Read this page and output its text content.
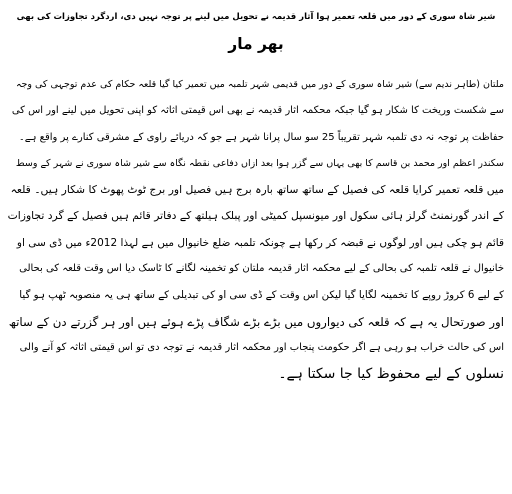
شیر شاہ سوری کے دور میں قلعہ تعمیر ہوا آثار قدیمہ نے تحویل میں لینے پر توجہ نہیں دی، اردگرد تجاوزات کی بھی
بھر مار
ملتان (طاہر ندیم سے) شیر شاہ سوری کے دور میں قدیمی شہر تلمبہ میں تعمیر کیا گیا قلعہ حکام کی عدم توجہی کی وجہ
سے شکست وریخت کا شکار ہو گیا جبکہ محکمہ اثار قدیمہ نے بھی اس قیمتی اثاثہ کو اپنی تحویل میں لینے اور اس کی
حفاظت پر توجہ نہ دی تلمبہ شہر تقریباً 25 سو سال پرانا شہر ہے جو کہ دریائے راوی کے مشرقی کنارے پر واقع ہے۔
سکندر اعظم اور محمد بن قاسم کا بھی یہاں سے گزر ہوا بعد ازاں دفاعی نقطہ نگاہ سے شیر شاہ سوری نے شہر کے وسط
میں قلعہ تعمیر کرایا قلعہ کی فصیل کے ساتھ ساتھ بارہ برج ہیں فصیل اور برج ٹوٹ پھوٹ کا شکار ہیں۔ قلعہ
کے اندر گورنمنٹ گرلز ہائی سکول اور میونسپل کمیٹی اور پبلک ہیلتھ کے دفاتر قائم ہیں فصیل کے گرد تجاوزات
قائم ہو چکی ہیں اور لوگوں نے قبضہ کر رکھا ہے چونکہ تلمبہ ضلع خانیوال میں ہے لہذا 2012ء میں ڈی سی او
خانیوال نے قلعہ تلمبہ کی بحالی کے لیے محکمہ اثار قدیمہ ملتان کو تخمینہ لگانے کا ٹاسک دیا اس وقت قلعہ کی بحالی
کے لیے 6 کروڑ روپے کا تخمینہ لگایا گیا لیکن اس وقت کے ڈی سی او کی تبدیلی کے ساتھ ہی یہ منصوبہ ٹھپ ہو گیا
اور صورتحال یہ ہے کہ قلعہ کی دیواروں میں بڑے بڑے شگاف پڑے ہوئے ہیں اور ہر گزرتے دن کے ساتھ
اس کی حالت خراب ہو رہی ہے اگر حکومت پنجاب اور محکمہ اثار قدیمہ نے توجہ دی تو اس قیمتی اثاثہ کو آنے والی
نسلوں کے لیے محفوظ کیا جا سکتا ہے۔
